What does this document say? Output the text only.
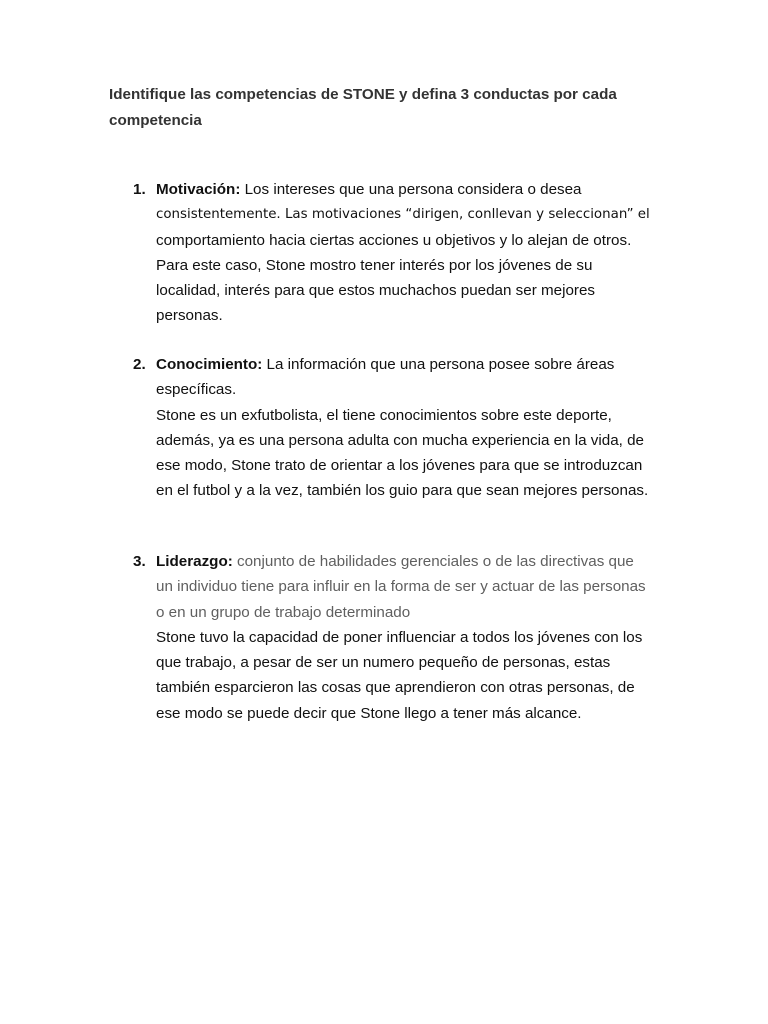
Identifique las competencias de STONE y defina 3 conductas por cada
competencia
1. Motivación: Los intereses que una persona considera o desea
consistentemente. Las motivaciones “dirigen, conllevan y seleccionan” el
comportamiento hacia ciertas acciones u objetivos y lo alejan de otros.
Para este caso, Stone mostro tener interés por los jóvenes de su
localidad, interés para que estos muchachos puedan ser mejores
personas.

2. Conocimiento: La información que una persona posee sobre áreas
específicas.
Stone es un exfutbolista, el tiene conocimientos sobre este deporte,
además, ya es una persona adulta con mucha experiencia en la vida, de
ese modo, Stone trato de orientar a los jóvenes para que se introduzcan
en el futbol y a la vez, también los guio para que sean mejores personas.

3. Liderazgo: conjunto de habilidades gerenciales o de las directivas que
un individuo tiene para influir en la forma de ser y actuar de las personas
o en un grupo de trabajo determinado
Stone tuvo la capacidad de poner influenciar a todos los jóvenes con los
que trabajo, a pesar de ser un numero pequeño de personas, estas
también esparcieron las cosas que aprendieron con otras personas, de
ese modo se puede decir que Stone llego a tener más alcance.
